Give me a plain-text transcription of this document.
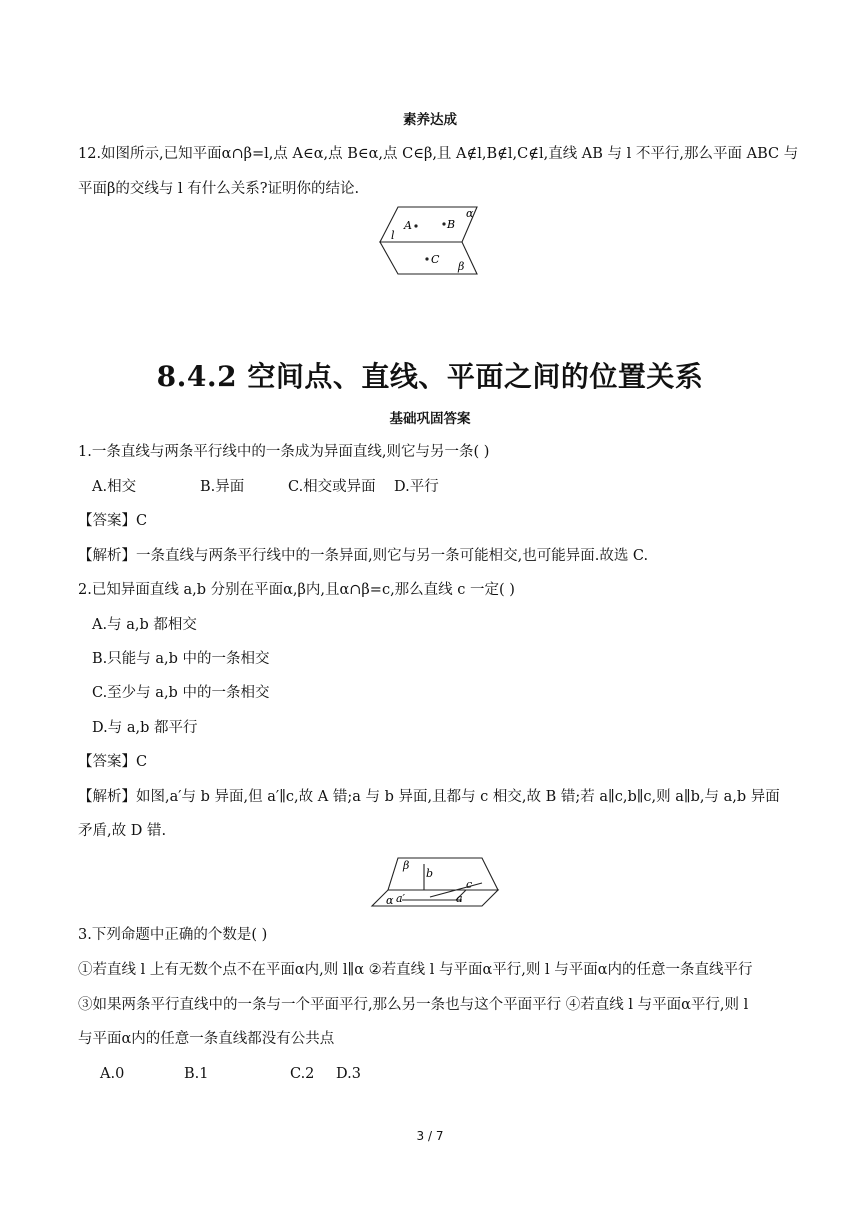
素养达成
12.如图所示,已知平面α∩β=l,点 A∈α,点 B∈α,点 C∈β,且 A∉l,B∉l,C∉l,直线 AB 与 l 不平行,那么平面 ABC 与
平面β的交线与 l 有什么关系?证明你的结论.
A	B
C
l
α
β
8.4.2 空间点、直线、平面之间的位置关系
基础巩固答案
1.一条直线与两条平行线中的一条成为异面直线,则它与另一条( )
A.相交	B.异面	C.相交或异面 D.平行
【答案】C
【解析】一条直线与两条平行线中的一条异面,则它与另一条可能相交,也可能异面.故选 C.
2.已知异面直线 a,b 分别在平面α,β内,且α∩β=c,那么直线 c 一定( )
A.与 a,b 都相交
B.只能与 a,b 中的一条相交
C.至少与 a,b 中的一条相交
D.与 a,b 都平行
【答案】C
【解析】如图,a′与 b 异面,但 a′∥c,故 A 错;a 与 b 异面,且都与 c 相交,故 B 错;若 a∥c,b∥c,则 a∥b,与 a,b 异面
矛盾,故 D 错.
β
b
c
α a′	a
3.下列命题中正确的个数是( )
①若直线 l 上有无数个点不在平面α内,则 l∥α ②若直线 l 与平面α平行,则 l 与平面α内的任意一条直线平行
③如果两条平行直线中的一条与一个平面平行,那么另一条也与这个平面平行 ④若直线 l 与平面α平行,则 l
与平面α内的任意一条直线都没有公共点
A.0	B.1	C.2 D.3
3 / 7
